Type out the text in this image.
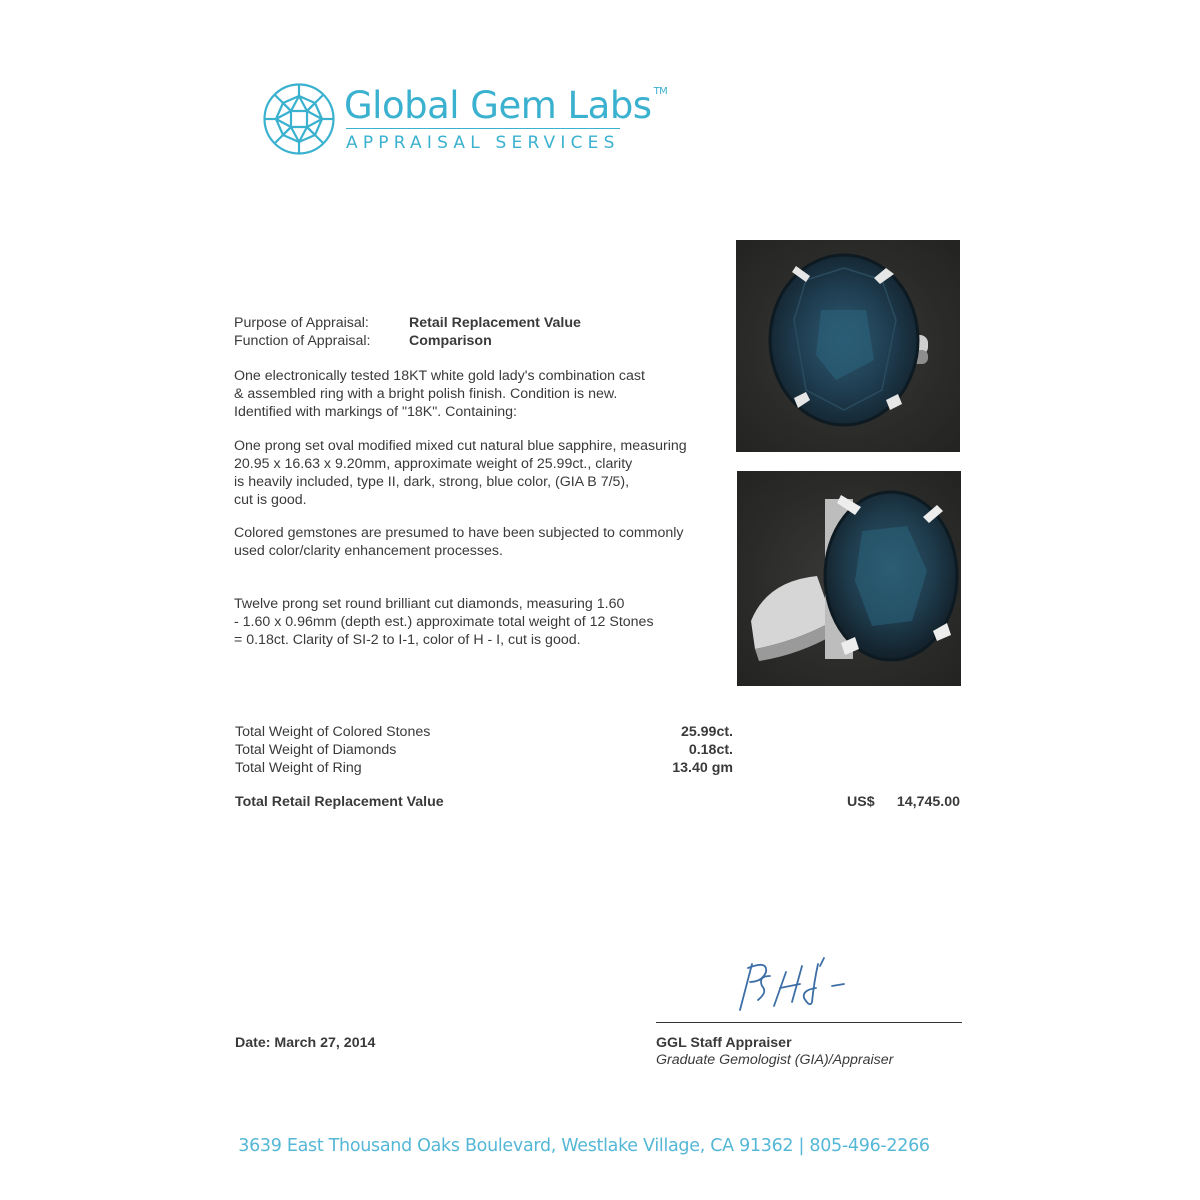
Global Gem Labs ™
APPRAISAL SERVICES
Purpose of Appraisal:	Retail Replacement Value
Function of Appraisal:	Comparison
One electronically tested 18KT white gold lady's combination cast
& assembled ring with a bright polish finish. Condition is new.
Identified with markings of "18K". Containing:
One prong set oval modified mixed cut natural blue sapphire, measuring
20.95 x 16.63 x 9.20mm, approximate weight of 25.99ct., clarity
is heavily included, type II, dark, strong, blue color, (GIA B 7/5),
cut is good.
Colored gemstones are presumed to have been subjected to commonly
used color/clarity enhancement processes.
Twelve prong set round brilliant cut diamonds, measuring 1.60
- 1.60 x 0.96mm (depth est.) approximate total weight of 12 Stones
= 0.18ct. Clarity of SI-2 to I-1, color of H - I, cut is good.
Total Weight of Colored Stones	25.99ct.
Total Weight of Diamonds	0.18ct.
Total Weight of Ring	13.40 gm
Total Retail Replacement Value	US$	14,745.00
Date: March 27, 2014	GGL Staff Appraiser
Graduate Gemologist (GIA)/Appraiser
3639 East Thousand Oaks Boulevard, Westlake Village, CA 91362 | 805-496-2266
